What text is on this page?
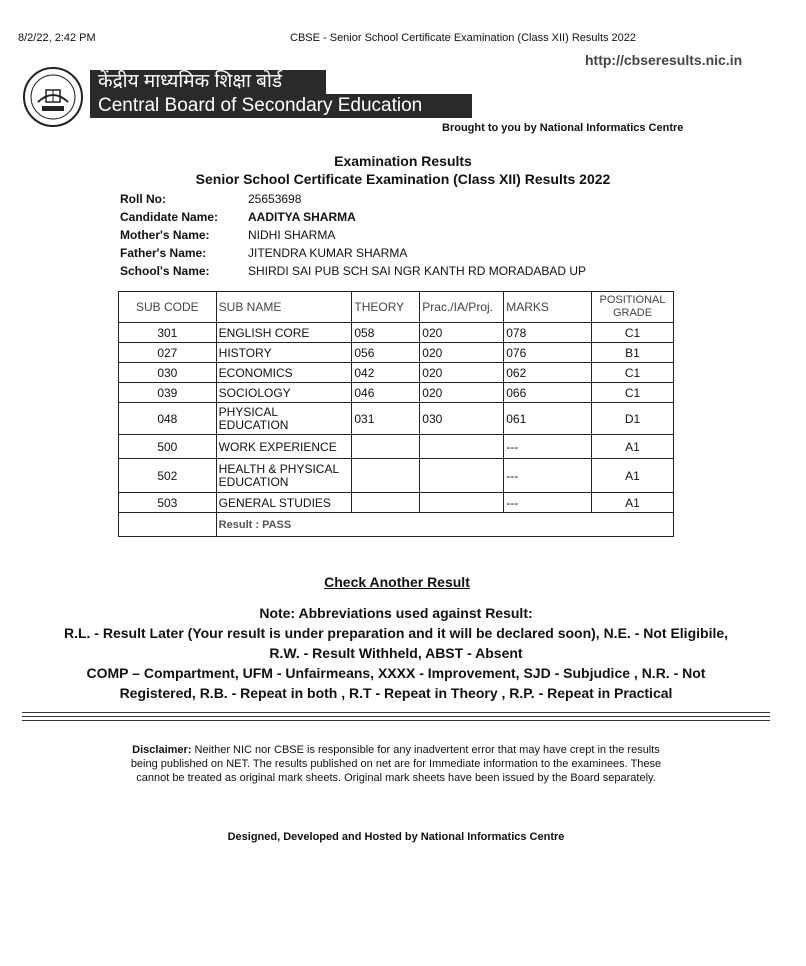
8/2/22, 2:42 PM	CBSE - Senior School Certificate Examination (Class XII) Results 2022
http://cbseresults.nic.in
केंद्रीय माध्यमिक शिक्षा बोर्ड
Central Board of Secondary Education
Brought to you by National Informatics Centre
Examination Results
Senior School Certificate Examination (Class XII) Results 2022
Roll No:	25653698
Candidate Name: AADITYA SHARMA
Mother's Name:	NIDHI SHARMA
Father's Name:	JITENDRA KUMAR SHARMA
School's Name:	SHIRDI SAI PUB SCH SAI NGR KANTH RD MORADABAD UP
SUB CODE	SUB NAME	THEORY	Prac./IA/Proj.	MARKS	POSITIONAL
GRADE
301	ENGLISH CORE	058	020	078	C1
027	HISTORY	056	020	076	B1
030	ECONOMICS	042	020	062	C1
039	SOCIOLOGY	046	020	066	C1
048	PHYSICAL EDUCATION	031	030	061	D1
500	WORK EXPERIENCE			---	A1
502	HEALTH & PHYSICAL EDUCATION			---	A1
503	GENERAL STUDIES			---	A1
	Result : PASS				
Check Another Result

Note: Abbreviations used against Result:

R.L. - Result Later (Your result is under preparation and it will be declared soon), N.E. - Not Eligibile,

R.W. - Result Withheld, ABST - Absent

COMP – Compartment, UFM - Unfairmeans, XXXX - Improvement, SJD - Subjudice , N.R. - Not

Registered, R.B. - Repeat in both , R.T - Repeat in Theory , R.P. - Repeat in Practical

Disclaimer: Neither NIC nor CBSE is responsible for any inadvertent error that may have crept in the results being published on NET. The results published on net are for Immediate information to the examinees. These cannot be treated as original mark sheets. Original mark sheets have been issued by the Board separately.
Designed, Developed and Hosted by National Informatics Centre
